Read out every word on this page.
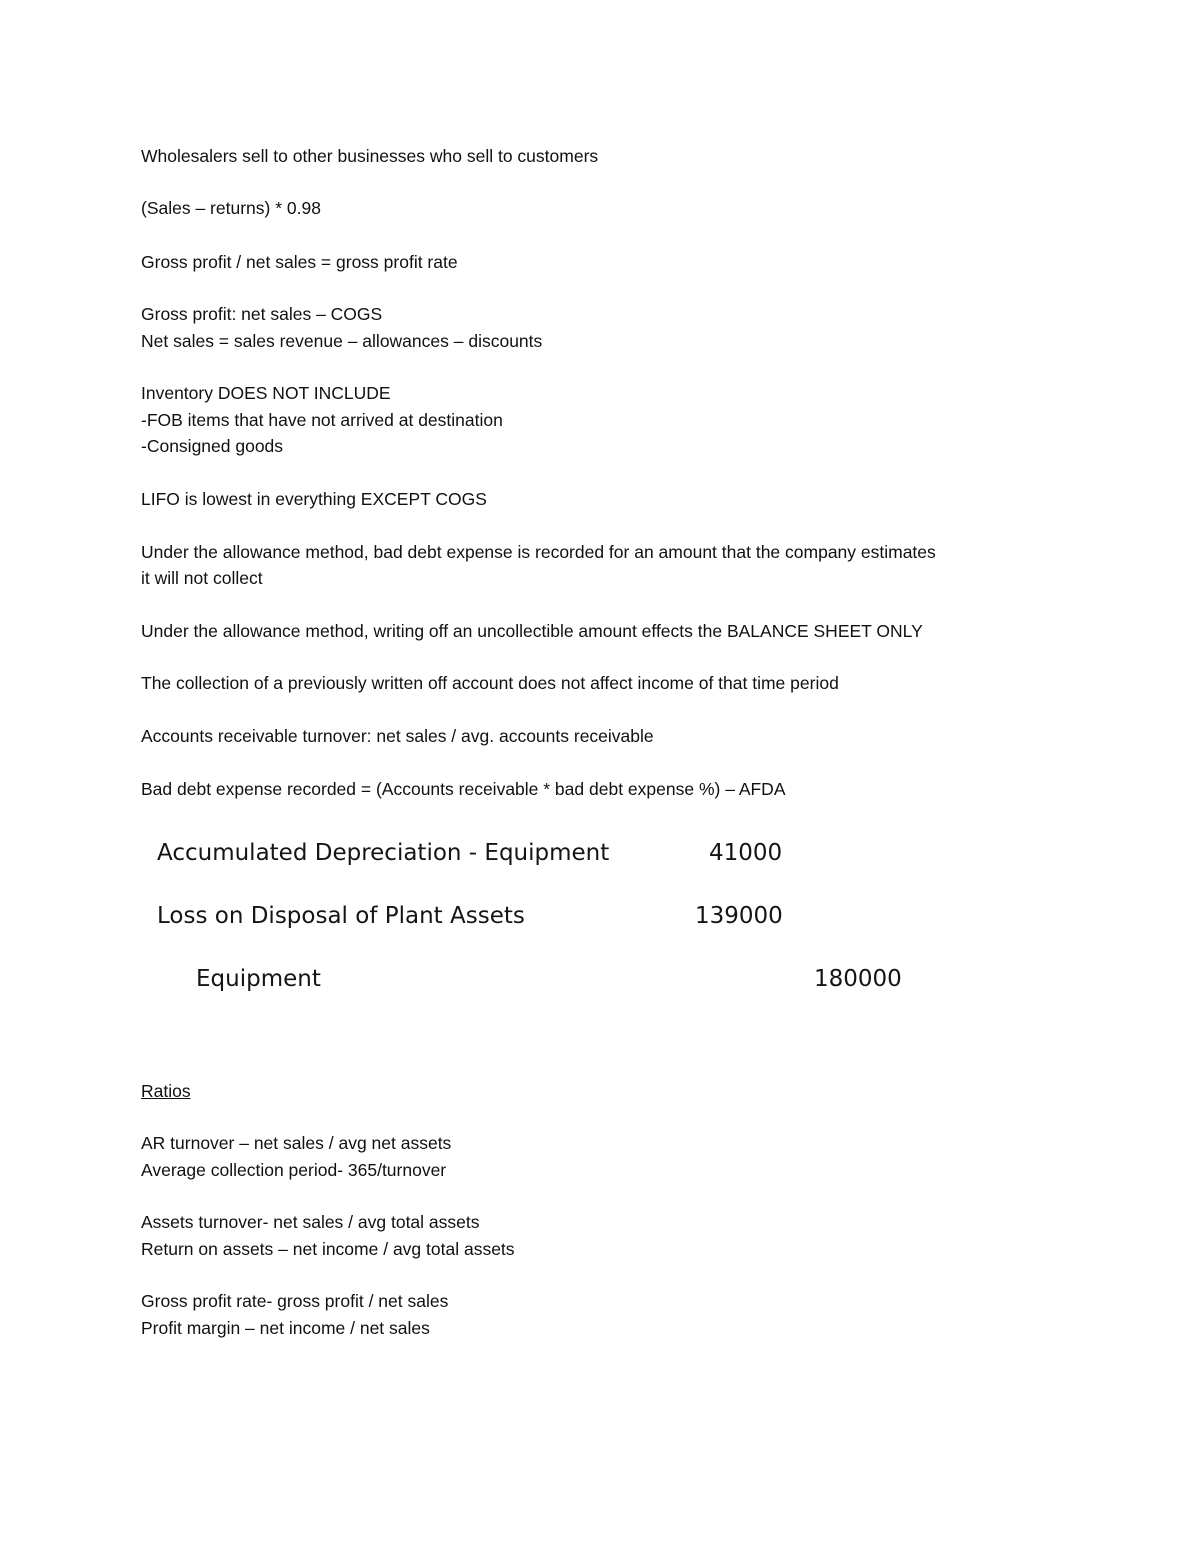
Wholesalers sell to other businesses who sell to customers
(Sales – returns) * 0.98
Gross profit / net sales = gross profit rate
Gross profit: net sales – COGS
Net sales = sales revenue – allowances – discounts
Inventory DOES NOT INCLUDE
-FOB items that have not arrived at destination
-Consigned goods
LIFO is lowest in everything EXCEPT COGS
Under the allowance method, bad debt expense is recorded for an amount that the company estimates
it will not collect
Under the allowance method, writing off an uncollectible amount effects the BALANCE SHEET ONLY
The collection of a previously written off account does not affect income of that time period
Accounts receivable turnover: net sales / avg. accounts receivable
Bad debt expense recorded = (Accounts receivable * bad debt expense %) – AFDA
Accumulated Depreciation - Equipment	41000
Loss on Disposal of Plant Assets	139000
Equipment	180000
Ratios
AR turnover – net sales / avg net assets
Average collection period- 365/turnover
Assets turnover- net sales / avg total assets
Return on assets – net income / avg total assets
Gross profit rate- gross profit / net sales
Profit margin – net income / net sales
